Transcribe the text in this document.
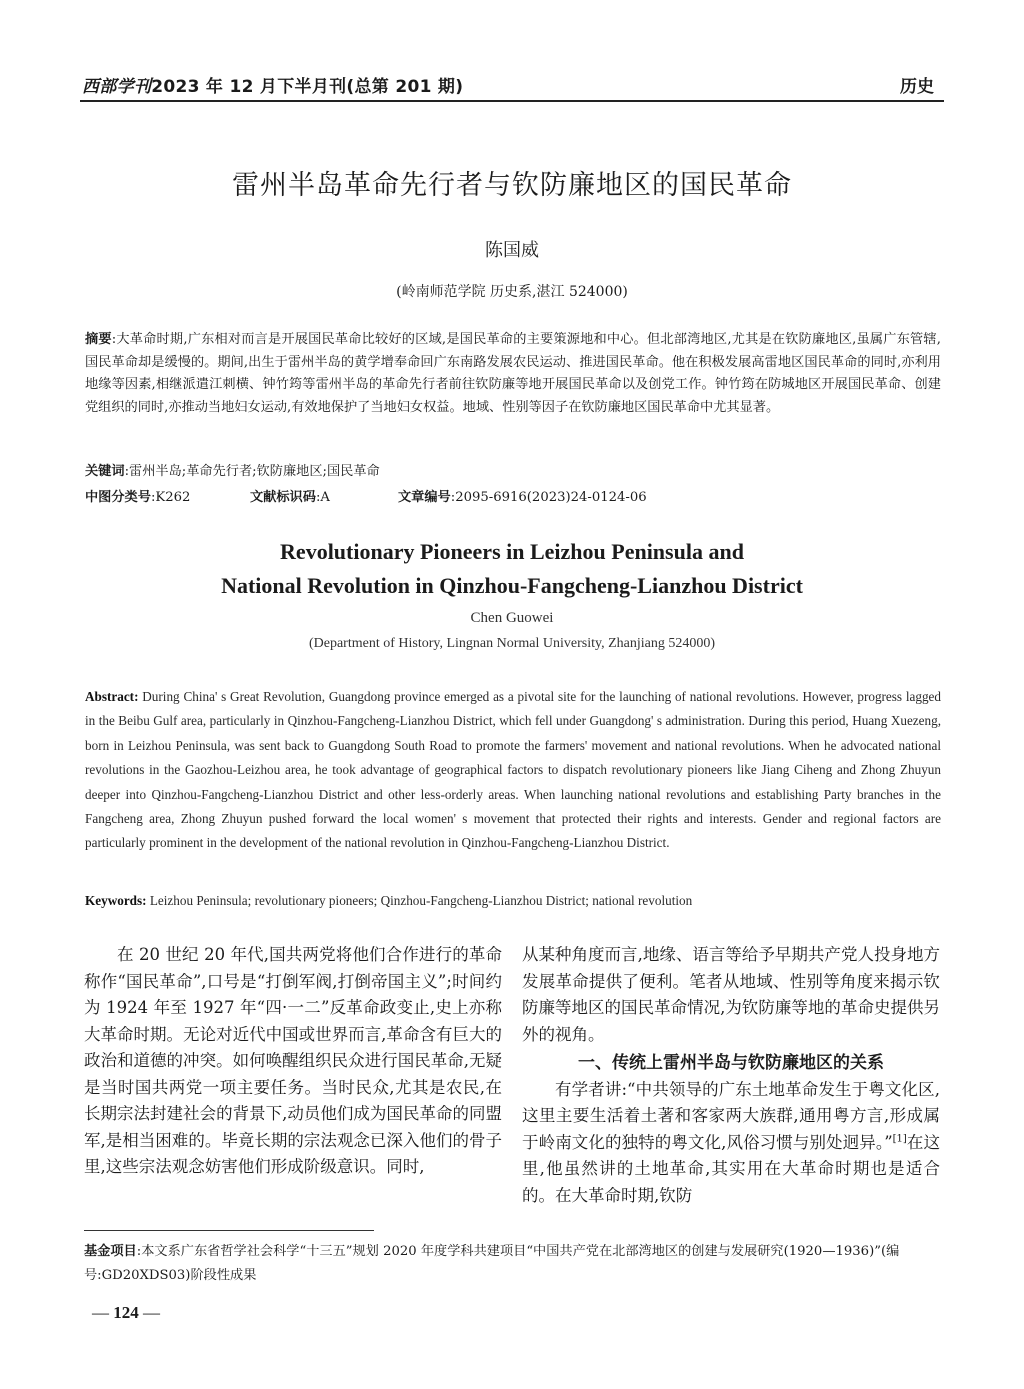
西部学刊2023 年 12 月下半月刊(总第 201 期)	历史
雷州半岛革命先行者与钦防廉地区的国民革命
陈国威
(岭南师范学院 历史系,湛江 524000)
摘要:大革命时期,广东相对而言是开展国民革命比较好的区域,是国民革命的主要策源地和中心。但北部湾地区,尤其是在钦防廉地区,虽属广东管辖,国民革命却是缓慢的。期间,出生于雷州半岛的黄学增奉命回广东南路发展农民运动、推进国民革命。他在积极发展高雷地区国民革命的同时,亦利用地缘等因素,相继派遣江刺横、钟竹筠等雷州半岛的革命先行者前往钦防廉等地开展国民革命以及创党工作。钟竹筠在防城地区开展国民革命、创建党组织的同时,亦推动当地妇女运动,有效地保护了当地妇女权益。地域、性别等因子在钦防廉地区国民革命中尤其显著。
关键词:雷州半岛;革命先行者;钦防廉地区;国民革命
中图分类号:K262	文献标识码:A	文章编号:2095-6916(2023)24-0124-06
Revolutionary Pioneers in Leizhou Peninsula and
National Revolution in Qinzhou-Fangcheng-Lianzhou District
Chen Guowei
(Department of History, Lingnan Normal University, Zhanjiang 524000)
Abstract: During China' s Great Revolution, Guangdong province emerged as a pivotal site for the launching of national revolutions. However, progress lagged in the Beibu Gulf area, particularly in Qinzhou-Fangcheng-Lianzhou District, which fell under Guangdong' s administration. During this period, Huang Xuezeng, born in Leizhou Peninsula, was sent back to Guangdong South Road to promote the farmers' movement and national revolutions. When he advocated national revolutions in the Gaozhou-Leizhou area, he took advantage of geographical factors to dispatch revolutionary pioneers like Jiang Ciheng and Zhong Zhuyun deeper into Qinzhou-Fangcheng-Lianzhou District and other less-orderly areas. When launching national revolutions and establishing Party branches in the Fangcheng area, Zhong Zhuyun pushed forward the local women' s movement that protected their rights and interests. Gender and regional factors are particularly prominent in the development of the national revolution in Qinzhou-Fangcheng-Lianzhou District.
Keywords: Leizhou Peninsula; revolutionary pioneers; Qinzhou-Fangcheng-Lianzhou District; national revolution
在 20 世纪 20 年代,国共两党将他们合作进行的革命称作“国民革命”,口号是“打倒军阀,打倒帝国主义”;时间约为 1924 年至 1927 年“四·一二”反革命政变止,史上亦称大革命时期。无论对近代中国或世界而言,革命含有巨大的政治和道德的冲突。如何唤醒组织民众进行国民革命,无疑是当时国共两党一项主要任务。当时民众,尤其是农民,在长期宗法封建社会的背景下,动员他们成为国民革命的同盟军,是相当困难的。毕竟长期的宗法观念已深入他们的骨子里,这些宗法观念妨害他们形成阶级意识。同时,
从某种角度而言,地缘、语言等给予早期共产党人投身地方发展革命提供了便利。笔者从地域、性别等角度来揭示钦防廉等地区的国民革命情况,为钦防廉等地的革命史提供另外的视角。
一、传统上雷州半岛与钦防廉地区的关系
有学者讲:“中共领导的广东土地革命发生于粤文化区,这里主要生活着土著和客家两大族群,通用粤方言,形成属于岭南文化的独特的粤文化,风俗习惯与别处迥异。”[1]在这里,他虽然讲的土地革命,其实用在大革命时期也是适合的。在大革命时期,钦防
基金项目:本文系广东省哲学社会科学“十三五”规划 2020 年度学科共建项目“中国共产党在北部湾地区的创建与发展研究(1920—1936)”(编号:GD20XDS03)阶段性成果
— 124 —
